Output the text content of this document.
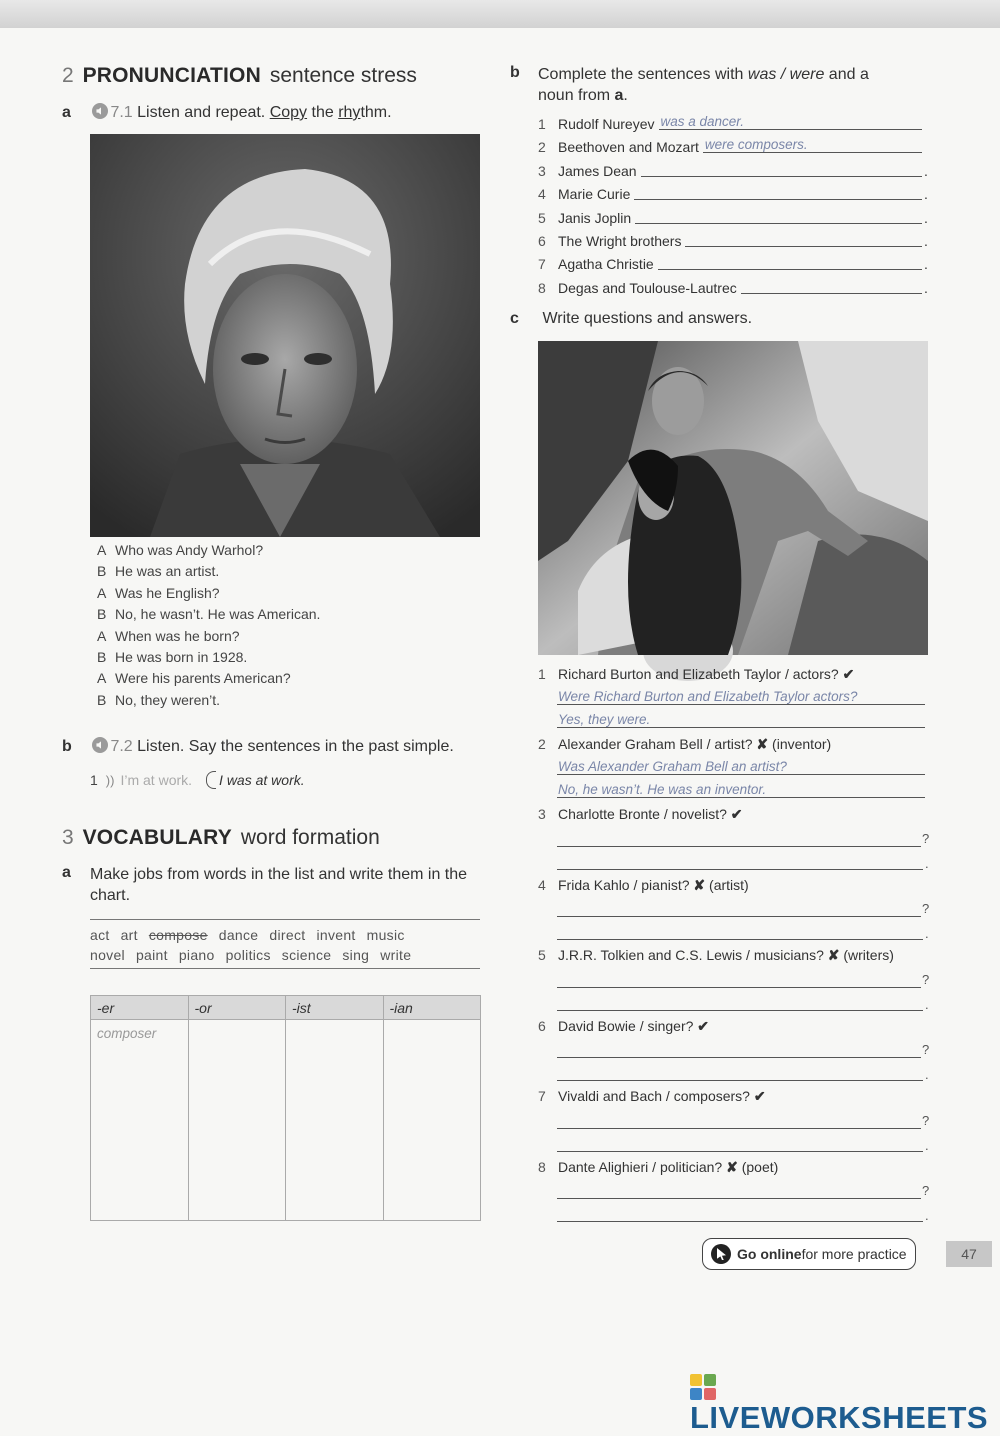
2 PRONUNCIATION sentence stress
a 7.1 Listen and repeat. Copy the rhythm.
A Who was Andy Warhol?
B He was an artist.
A Was he English?
B No, he wasn’t. He was American.
A When was he born?
B He was born in 1928.
A Were his parents American?
B No, they weren’t.
b 7.2 Listen. Say the sentences in the past simple.
1 )) I’m at work. I was at work.
3 VOCABULARY word formation
a	Make jobs from words in the list and write them in the chart.
act art compose dance direct invent music
novel paint piano politics science sing write
-er	-or	-ist	-ian
composer			
b	Complete the sentences with was / were and a
noun from a.
1 Rudolf Nureyev was a dancer.
2 Beethoven and Mozart were composers.
3 James Dean	.
4 Marie Curie	.
5 Janis Joplin	.
6 The Wright brothers	.
7 Agatha Christie	.
8 Degas and Toulouse-Lautrec	.
c Write questions and answers.
1 Richard Burton and Elizabeth Taylor / actors? ✔
Were Richard Burton and Elizabeth Taylor actors?
Yes, they were.
2 Alexander Graham Bell / artist? ✘ (inventor)
Was Alexander Graham Bell an artist?
No, he wasn’t. He was an inventor.
3 Charlotte Bronte / novelist? ✔
?
.
4 Frida Kahlo / pianist? ✘ (artist)
?
.
5 J.R.R. Tolkien and C.S. Lewis / musicians? ✘ (writers)
?
.
6 David Bowie / singer? ✔
?
.
7 Vivaldi and Bach / composers? ✔
?
.
8 Dante Alighieri / politician? ✘ (poet)
?
.
Go online for more practice	47
LIVEWORKSHEETS
